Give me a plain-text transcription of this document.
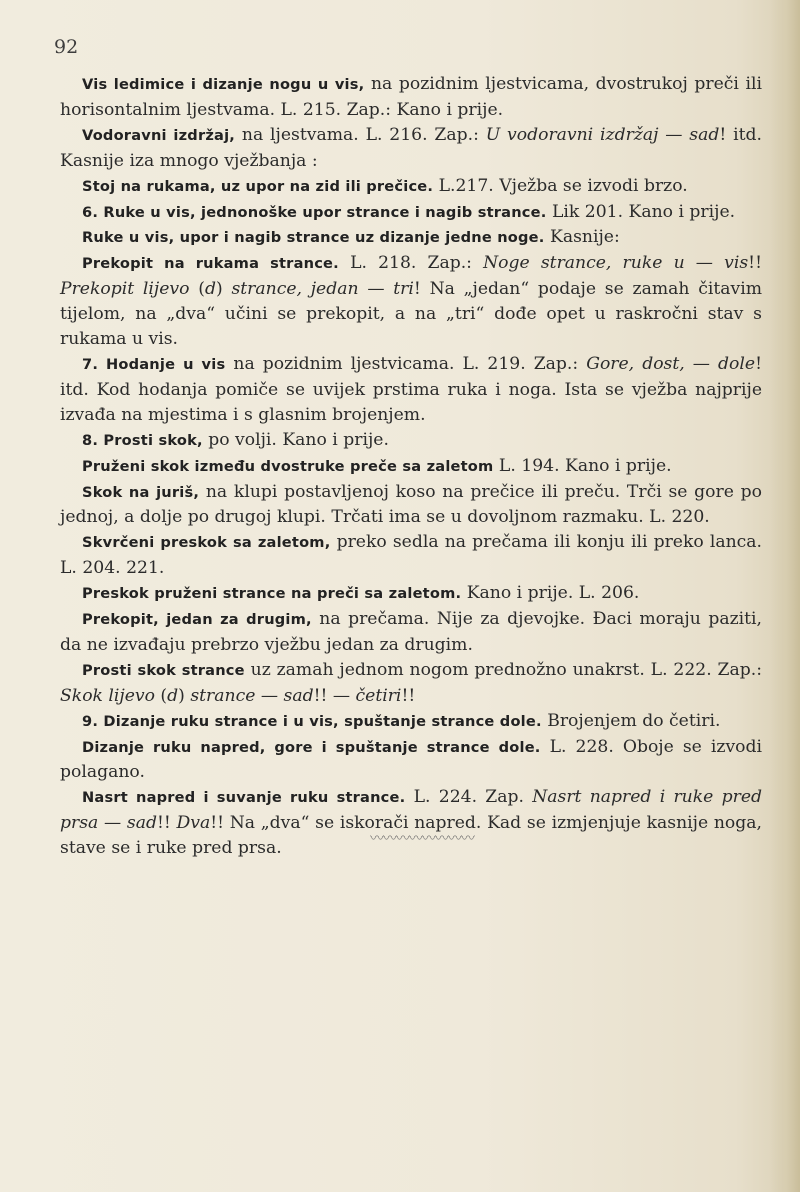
92

Vis ledimice i dizanje nogu u vis, na pozidnim ljestvicama, dvostrukoj preči ili horisontalnim ljestvama. L. 215. Zap.: Kano i prije.

Vodoravni izdržaj, na ljestvama. L. 216. Zap.: U vodoravni izdržaj — sad! itd. Kasnije iza mnogo vježbanja :

Stoj na rukama, uz upor na zid ili prečice. L.217. Vježba se izvodi brzo.

6. Ruke u vis, jednonoške upor strance i nagib strance. Lik 201. Kano i prije.

Ruke u vis, upor i nagib strance uz dizanje jedne noge. Kasnije:

Prekopit na rukama strance. L. 218. Zap.: Noge strance, ruke u — vis!! Prekopit lijevo (d) strance, jedan — tri! Na „jedan“ podaje se zamah čitavim tijelom, na „dva“ učini se prekopit, a na „tri“ dođe opet u raskročni stav s rukama u vis.

7. Hodanje u vis na pozidnim ljestvicama. L. 219. Zap.: Gore, dost, — dole! itd. Kod hodanja pomiče se uvijek prstima ruka i noga. Ista se vježba najprije izvađa na mjestima i s glasnim brojenjem.

8. Prosti skok, po volji. Kano i prije.

Pruženi skok između dvostruke preče sa zaletom L. 194. Kano i prije.

Skok na juriš, na klupi postavljenoj koso na prečice ili preču. Trči se gore po jednoj, a dolje po drugoj klupi. Trčati ima se u dovoljnom razmaku. L. 220.

Skvrčeni preskok sa zaletom, preko sedla na prečama ili konju ili preko lanca. L. 204. 221.

Preskok pruženi strance na preči sa zaletom. Kano i prije. L. 206.

Prekopit, jedan za drugim, na prečama. Nije za djevojke. Đaci moraju paziti, da ne izvađaju prebrzo vježbu jedan za drugim.

Prosti skok strance uz zamah jednom nogom prednožno unakrst. L. 222. Zap.: Skok lijevo (d) strance — sad!! — četiri!!

9. Dizanje ruku strance i u vis, spuštanje strance dole. Brojenjem do četiri.

Dizanje ruku napred, gore i spuštanje strance dole. L. 228. Oboje se izvodi polagano.

Nasrt napred i suvanje ruku strance. L. 224. Zap. Nasrt napred i ruke pred prsa — sad!! Dva!! Na „dva“ se iskorači napred. Kad se izmjenjuje kasnije noga, stave se i ruke pred prsa.	〰〰〰〰〰〰〰〰
